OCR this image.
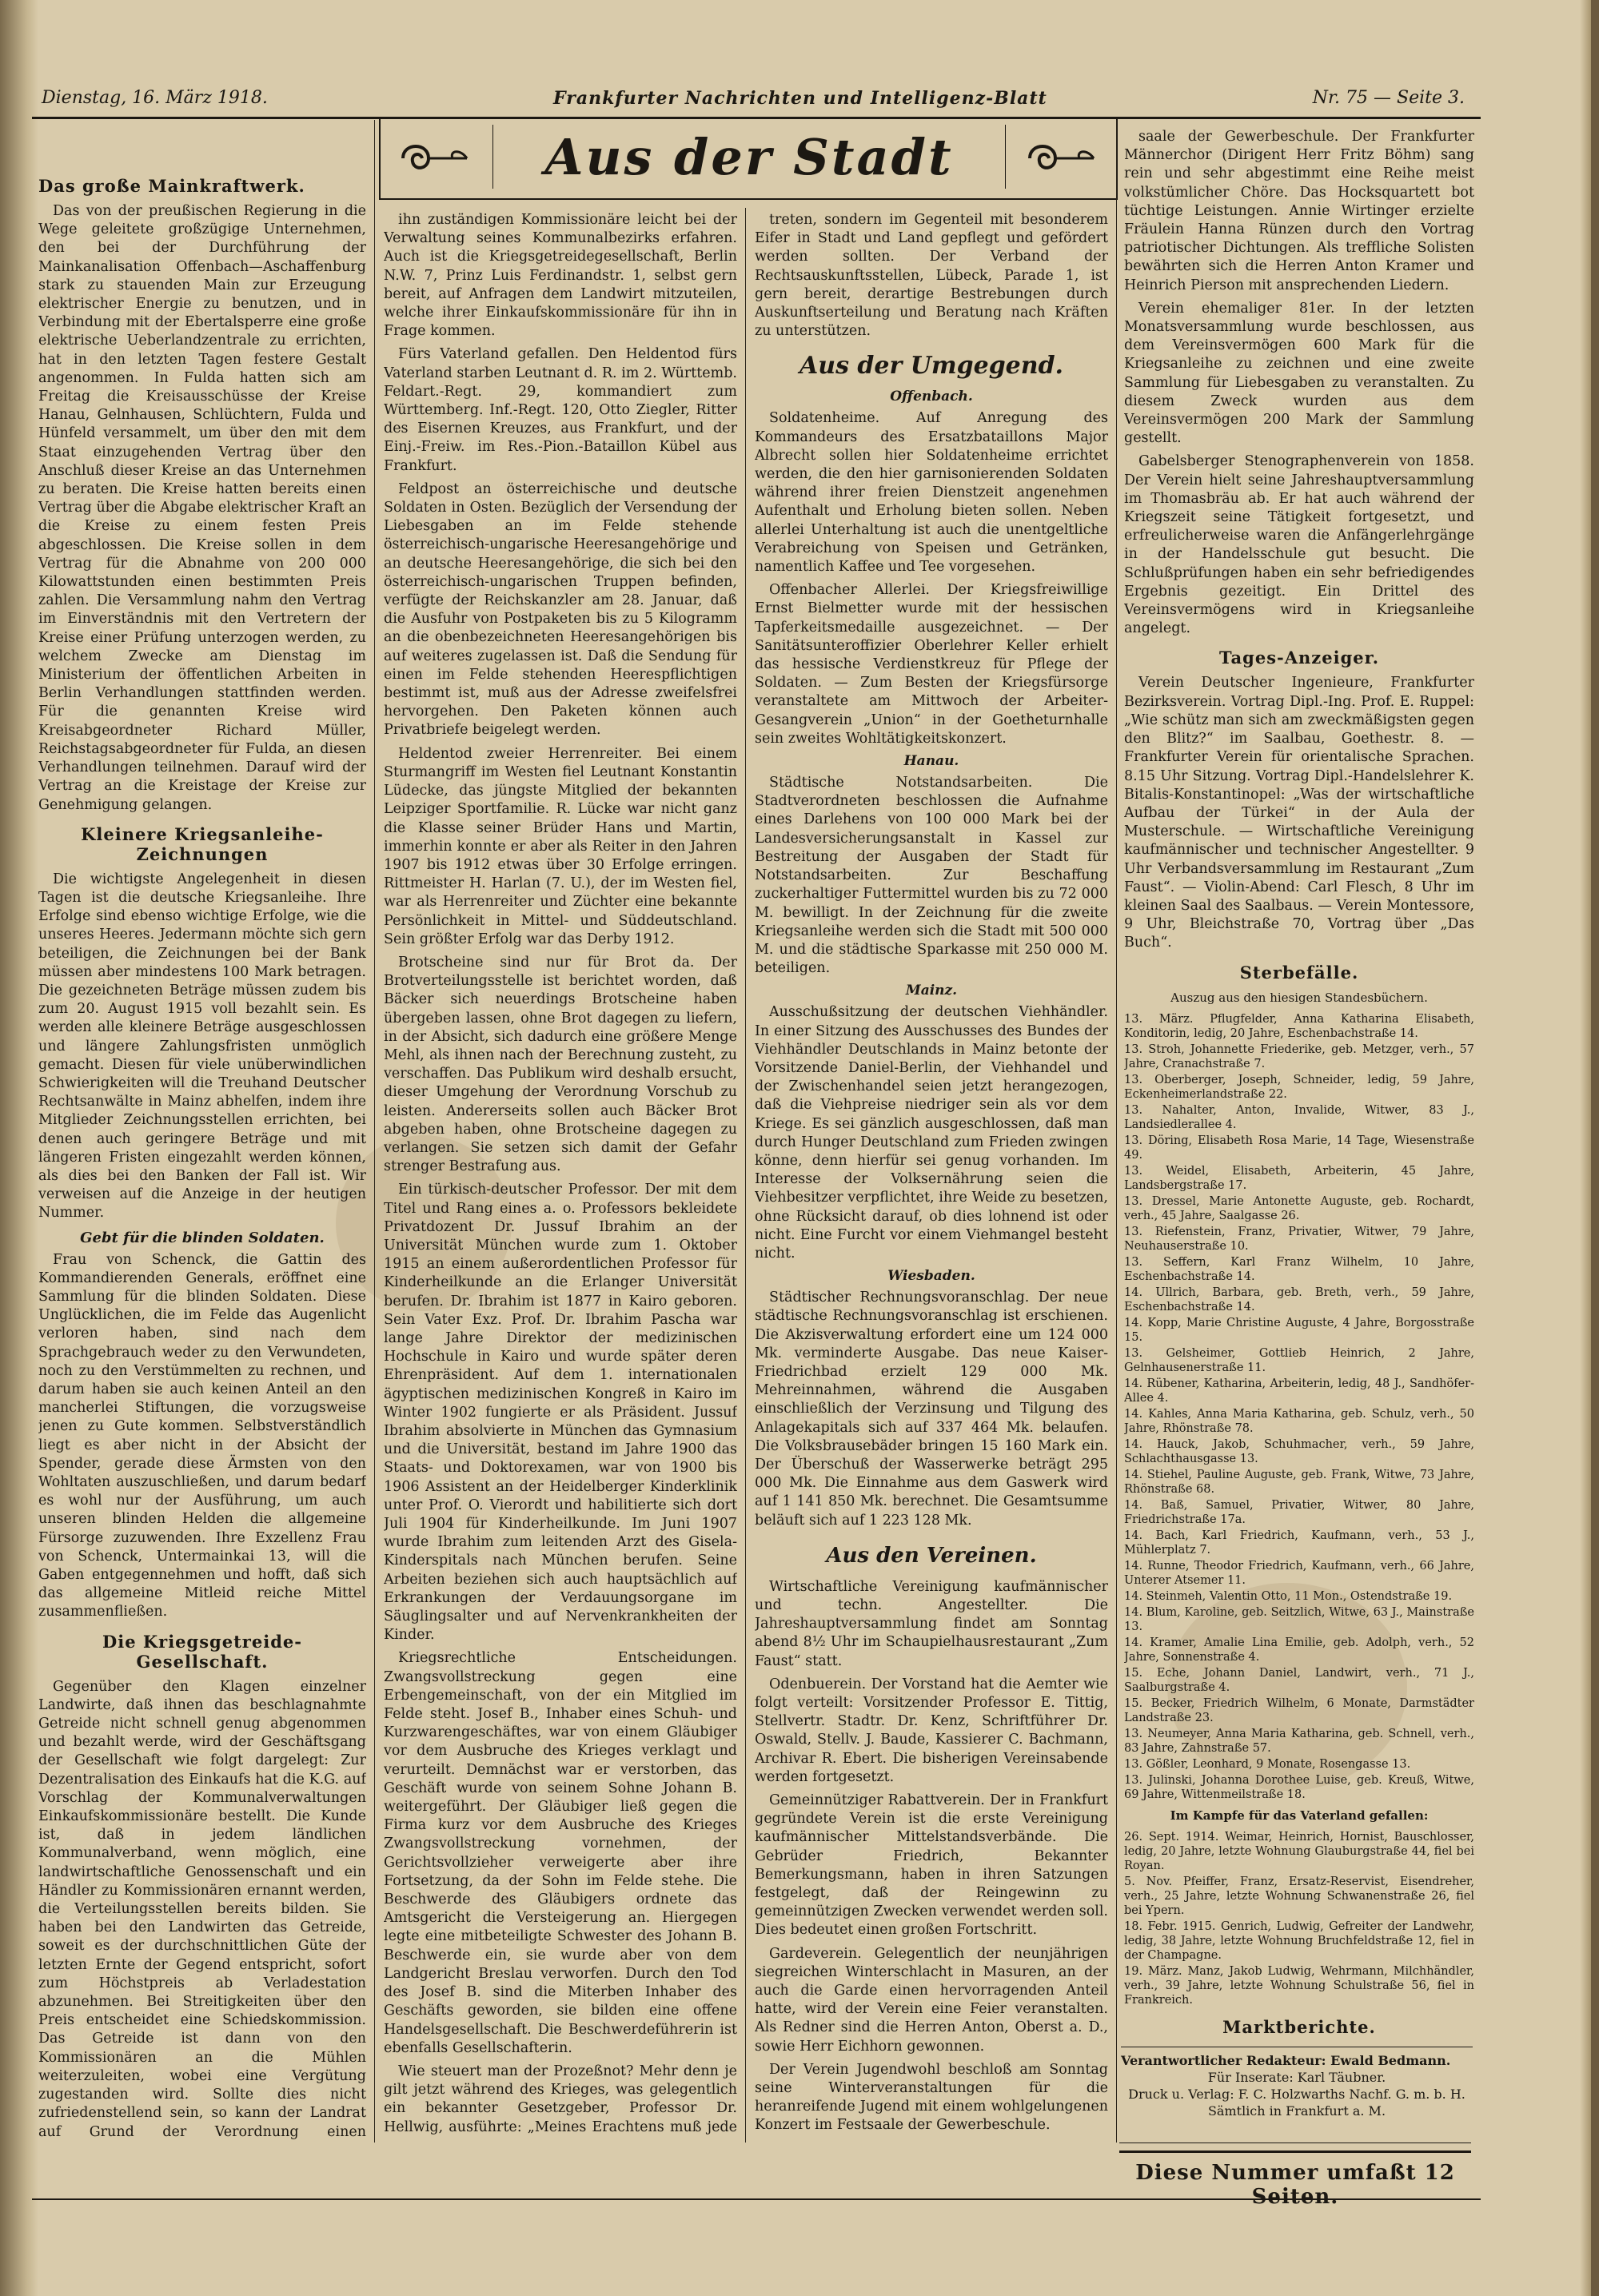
Dienstag, 16. März 1918.	Frankfurter Nachrichten und Intelligenz-Blatt	Nr. 75 — Seite 3.
Aus der Stadt
Das große Mainkraftwerk.

Das von der preußischen Regierung in die Wege geleitete großzügige Unternehmen, den bei der Durchführung der Mainkanalisation Offenbach—Aschaffenburg stark zu stauenden Main zur Erzeugung elektrischer Energie zu benutzen, und in Verbindung mit der Ebertalsperre eine große elektrische Ueberlandzentrale zu errichten, hat in den letzten Tagen festere Gestalt angenommen. In Fulda hatten sich am Freitag die Kreisausschüsse der Kreise Hanau, Gelnhausen, Schlüchtern, Fulda und Hünfeld versammelt, um über den mit dem Staat einzugehenden Vertrag über den Anschluß dieser Kreise an das Unternehmen zu beraten. Die Kreise hatten bereits einen Vertrag über die Abgabe elektrischer Kraft an die Kreise zu einem festen Preis abgeschlossen. Die Kreise sollen in dem Vertrag für die Abnahme von 200 000 Kilowattstunden einen bestimmten Preis zahlen. Die Versammlung nahm den Vertrag im Einverständnis mit den Vertretern der Kreise einer Prüfung unterzogen werden, zu welchem Zwecke am Dienstag im Ministerium der öffentlichen Arbeiten in Berlin Verhandlungen stattfinden werden. Für die genannten Kreise wird Kreisabgeordneter Richard Müller, Reichstagsabgeordneter für Fulda, an diesen Verhandlungen teilnehmen. Darauf wird der Vertrag an die Kreistage der Kreise zur Genehmigung gelangen.

Kleinere Kriegsanleihe-Zeichnungen

Die wichtigste Angelegenheit in diesen Tagen ist die deutsche Kriegsanleihe. Ihre Erfolge sind ebenso wichtige Erfolge, wie die unseres Heeres. Jedermann möchte sich gern beteiligen, die Zeichnungen bei der Bank müssen aber mindestens 100 Mark betragen. Die gezeichneten Beträge müssen zudem bis zum 20. August 1915 voll bezahlt sein. Es werden alle kleinere Beträge ausgeschlossen und längere Zahlungsfristen unmöglich gemacht. Diesen für viele unüberwindlichen Schwierigkeiten will die Treuhand Deutscher Rechtsanwälte in Mainz abhelfen, indem ihre Mitglieder Zeichnungsstellen errichten, bei denen auch geringere Beträge und mit längeren Fristen eingezahlt werden können, als dies bei den Banken der Fall ist. Wir verweisen auf die Anzeige in der heutigen Nummer.

Gebt für die blinden Soldaten.

Frau von Schenck, die Gattin des Kommandierenden Generals, eröffnet eine Sammlung für die blinden Soldaten. Diese Unglücklichen, die im Felde das Augenlicht verloren haben, sind nach dem Sprachgebrauch weder zu den Verwundeten, noch zu den Verstümmelten zu rechnen, und darum haben sie auch keinen Anteil an den mancherlei Stiftungen, die vorzugsweise jenen zu Gute kommen. Selbstverständlich liegt es aber nicht in der Absicht der Spender, gerade diese Ärmsten von den Wohltaten auszuschließen, und darum bedarf es wohl nur der Ausführung, um auch unseren blinden Helden die allgemeine Fürsorge zuzuwenden. Ihre Exzellenz Frau von Schenck, Untermainkai 13, will die Gaben entgegennehmen und hofft, daß sich das allgemeine Mitleid reiche Mittel zusammenfließen.

Die Kriegsgetreide-Gesellschaft.

Gegenüber den Klagen einzelner Landwirte, daß ihnen das beschlagnahmte Getreide nicht schnell genug abgenommen und bezahlt werde, wird der Geschäftsgang der Gesellschaft wie folgt dargelegt: Zur Dezentralisation des Einkaufs hat die K.G. auf Vorschlag der Kommunalverwaltungen Einkaufskommissionäre bestellt. Die Kunde ist, daß in jedem ländlichen Kommunalverband, wenn möglich, eine landwirtschaftliche Genossenschaft und ein Händler zu Kommissionären ernannt werden, die Verteilungsstellen bereits bilden. Sie haben bei den Landwirten das Getreide, soweit es der durchschnittlichen Güte der letzten Ernte der Gegend entspricht, sofort zum Höchstpreis ab Verladestation abzunehmen. Bei Streitigkeiten über den Preis entscheidet eine Schiedskommission. Das Getreide ist dann von den Kommissionären an die Mühlen weiterzuleiten, wobei eine Vergütung zugestanden wird. Sollte dies nicht zufriedenstellend sein, so kann der Landrat auf Grund der Verordnung einen

ihn zuständigen Kommissionäre leicht bei der Verwaltung seines Kommunalbezirks erfahren. Auch ist die Kriegsgetreidegesellschaft, Berlin N.W. 7, Prinz Luis Ferdinandstr. 1, selbst gern bereit, auf Anfragen dem Landwirt mitzuteilen, welche ihrer Einkaufskommissionäre für ihn in Frage kommen.

Fürs Vaterland gefallen. Den Heldentod fürs Vaterland starben Leutnant d. R. im 2. Württemb. Feldart.-Regt. 29, kommandiert zum Württemberg. Inf.-Regt. 120, Otto Ziegler, Ritter des Eisernen Kreuzes, aus Frankfurt, und der Einj.-Freiw. im Res.-Pion.-Bataillon Kübel aus Frankfurt.

Feldpost an österreichische und deutsche Soldaten in Osten. Bezüglich der Versendung der Liebesgaben an im Felde stehende österreichisch-ungarische Heeresangehörige und an deutsche Heeresangehörige, die sich bei den österreichisch-ungarischen Truppen befinden, verfügte der Reichskanzler am 28. Januar, daß die Ausfuhr von Postpaketen bis zu 5 Kilogramm an die obenbezeichneten Heeresangehörigen bis auf weiteres zugelassen ist. Daß die Sendung für einen im Felde stehenden Heerespflichtigen bestimmt ist, muß aus der Adresse zweifelsfrei hervorgehen. Den Paketen können auch Privatbriefe beigelegt werden.

Heldentod zweier Herrenreiter. Bei einem Sturmangriff im Westen fiel Leutnant Konstantin Lüdecke, das jüngste Mitglied der bekannten Leipziger Sportfamilie. R. Lücke war nicht ganz die Klasse seiner Brüder Hans und Martin, immerhin konnte er aber als Reiter in den Jahren 1907 bis 1912 etwas über 30 Erfolge erringen. Rittmeister H. Harlan (7. U.), der im Westen fiel, war als Herrenreiter und Züchter eine bekannte Persönlichkeit in Mittel- und Süddeutschland. Sein größter Erfolg war das Derby 1912.

Brotscheine sind nur für Brot da. Der Brotverteilungsstelle ist berichtet worden, daß Bäcker sich neuerdings Brotscheine haben übergeben lassen, ohne Brot dagegen zu liefern, in der Absicht, sich dadurch eine größere Menge Mehl, als ihnen nach der Berechnung zusteht, zu verschaffen. Das Publikum wird deshalb ersucht, dieser Umgehung der Verordnung Vorschub zu leisten. Andererseits sollen auch Bäcker Brot abgeben haben, ohne Brotscheine dagegen zu verlangen. Sie setzen sich damit der Gefahr strenger Bestrafung aus.

Ein türkisch-deutscher Professor. Der mit dem Titel und Rang eines a. o. Professors bekleidete Privatdozent Dr. Jussuf Ibrahim an der Universität München wurde zum 1. Oktober 1915 an einem außerordentlichen Professor für Kinderheilkunde an die Erlanger Universität berufen. Dr. Ibrahim ist 1877 in Kairo geboren. Sein Vater Exz. Prof. Dr. Ibrahim Pascha war lange Jahre Direktor der medizinischen Hochschule in Kairo und wurde später deren Ehrenpräsident. Auf dem 1. internationalen ägyptischen medizinischen Kongreß in Kairo im Winter 1902 fungierte er als Präsident. Jussuf Ibrahim absolvierte in München das Gymnasium und die Universität, bestand im Jahre 1900 das Staats- und Doktorexamen, war von 1900 bis 1906 Assistent an der Heidelberger Kinderklinik unter Prof. O. Vierordt und habilitierte sich dort Juli 1904 für Kinderheilkunde. Im Juni 1907 wurde Ibrahim zum leitenden Arzt des Gisela-Kinderspitals nach München berufen. Seine Arbeiten beziehen sich auch hauptsächlich auf Erkrankungen der Verdauungsorgane im Säuglingsalter und auf Nervenkrankheiten der Kinder.

Kriegsrechtliche Entscheidungen. Zwangsvollstreckung gegen eine Erbengemeinschaft, von der ein Mitglied im Felde steht. Josef B., Inhaber eines Schuh- und Kurzwarengeschäftes, war von einem Gläubiger vor dem Ausbruche des Krieges verklagt und verurteilt. Demnächst war er verstorben, das Geschäft wurde von seinem Sohne Johann B. weitergeführt. Der Gläubiger ließ gegen die Firma kurz vor dem Ausbruche des Krieges Zwangsvollstreckung vornehmen, der Gerichtsvollzieher verweigerte aber ihre Fortsetzung, da der Sohn im Felde stehe. Die Beschwerde des Gläubigers ordnete das Amtsgericht die Versteigerung an. Hiergegen legte eine mitbeteiligte Schwester des Johann B. Beschwerde ein, sie wurde aber von dem Landgericht Breslau verworfen. Durch den Tod des Josef B. sind die Miterben Inhaber des Geschäfts geworden, sie bilden eine offene Handelsgesellschaft. Die Beschwerdeführerin ist ebenfalls Gesellschafterin.

Wie steuert man der Prozeßnot? Mehr denn je gilt jetzt während des Krieges, was gelegentlich ein bekannter Gesetzgeber, Professor Dr. Hellwig, ausführte: „Meines Erachtens muß jede

treten, sondern im Gegenteil mit besonderem Eifer in Stadt und Land gepflegt und gefördert werden sollten. Der Verband der Rechtsauskunftsstellen, Lübeck, Parade 1, ist gern bereit, derartige Bestrebungen durch Auskunftserteilung und Beratung nach Kräften zu unterstützen.

Aus der Umgegend.
Offenbach.

Soldatenheime. Auf Anregung des Kommandeurs des Ersatzbataillons Major Albrecht sollen hier Soldatenheime errichtet werden, die den hier garnisonierenden Soldaten während ihrer freien Dienstzeit angenehmen Aufenthalt und Erholung bieten sollen. Neben allerlei Unterhaltung ist auch die unentgeltliche Verabreichung von Speisen und Getränken, namentlich Kaffee und Tee vorgesehen.

Offenbacher Allerlei. Der Kriegsfreiwillige Ernst Bielmetter wurde mit der hessischen Tapferkeitsmedaille ausgezeichnet. — Der Sanitätsunteroffizier Oberlehrer Keller erhielt das hessische Verdienstkreuz für Pflege der Soldaten. — Zum Besten der Kriegsfürsorge veranstaltete am Mittwoch der Arbeiter-Gesangverein „Union“ in der Goetheturnhalle sein zweites Wohltätigkeitskonzert.

Hanau.

Städtische Notstandsarbeiten. Die Stadtverordneten beschlossen die Aufnahme eines Darlehens von 100 000 Mark bei der Landesversicherungsanstalt in Kassel zur Bestreitung der Ausgaben der Stadt für Notstandsarbeiten. Zur Beschaffung zuckerhaltiger Futtermittel wurden bis zu 72 000 M. bewilligt. In der Zeichnung für die zweite Kriegsanleihe werden sich die Stadt mit 500 000 M. und die städtische Sparkasse mit 250 000 M. beteiligen.

Mainz.

Ausschußsitzung der deutschen Viehhändler. In einer Sitzung des Ausschusses des Bundes der Viehhändler Deutschlands in Mainz betonte der Vorsitzende Daniel-Berlin, der Viehhandel und der Zwischenhandel seien jetzt herangezogen, daß die Viehpreise niedriger sein als vor dem Kriege. Es sei gänzlich ausgeschlossen, daß man durch Hunger Deutschland zum Frieden zwingen könne, denn hierfür sei genug vorhanden. Im Interesse der Volksernährung seien die Viehbesitzer verpflichtet, ihre Weide zu besetzen, ohne Rücksicht darauf, ob dies lohnend ist oder nicht. Eine Furcht vor einem Viehmangel besteht nicht.

Wiesbaden.

Städtischer Rechnungsvoranschlag. Der neue städtische Rechnungsvoranschlag ist erschienen. Die Akzisverwaltung erfordert eine um 124 000 Mk. verminderte Ausgabe. Das neue Kaiser-Friedrichbad erzielt 129 000 Mk. Mehreinnahmen, während die Ausgaben einschließlich der Verzinsung und Tilgung des Anlagekapitals sich auf 337 464 Mk. belaufen. Die Volksbrausebäder bringen 15 160 Mark ein. Der Überschuß der Wasserwerke beträgt 295 000 Mk. Die Einnahme aus dem Gaswerk wird auf 1 141 850 Mk. berechnet. Die Gesamtsumme beläuft sich auf 1 223 128 Mk.

Aus den Vereinen.

Wirtschaftliche Vereinigung kaufmännischer und techn. Angestellter. Die Jahreshauptversammlung findet am Sonntag abend 8½ Uhr im Schaupielhausrestaurant „Zum Faust“ statt.

Odenbuerein. Der Vorstand hat die Aemter wie folgt verteilt: Vorsitzender Professor E. Tittig, Stellvertr. Stadtr. Dr. Kenz, Schriftführer Dr. Oswald, Stellv. J. Baude, Kassierer C. Bachmann, Archivar R. Ebert. Die bisherigen Vereinsabende werden fortgesetzt.

Gemeinnütziger Rabattverein. Der in Frankfurt gegründete Verein ist die erste Vereinigung kaufmännischer Mittelstandsverbände. Die Gebrüder Friedrich, Bekannter Bemerkungsmann, haben in ihren Satzungen festgelegt, daß der Reingewinn zu gemeinnützigen Zwecken verwendet werden soll. Dies bedeutet einen großen Fortschritt.

Gardeverein. Gelegentlich der neunjährigen siegreichen Winterschlacht in Masuren, an der auch die Garde einen hervorragenden Anteil hatte, wird der Verein eine Feier veranstalten. Als Redner sind die Herren Anton, Oberst a. D., sowie Herr Eichhorn gewonnen.

Der Verein Jugendwohl beschloß am Sonntag seine Winterveranstaltungen für die heranreifende Jugend mit einem wohlgelungenen Konzert im Festsaale der Gewerbeschule.

saale der Gewerbeschule. Der Frankfurter Männerchor (Dirigent Herr Fritz Böhm) sang rein und sehr abgestimmt eine Reihe meist volkstümlicher Chöre. Das Hocksquartett bot tüchtige Leistungen. Annie Wirtinger erzielte Fräulein Hanna Rünzen durch den Vortrag patriotischer Dichtungen. Als treffliche Solisten bewährten sich die Herren Anton Kramer und Heinrich Pierson mit ansprechenden Liedern.

Verein ehemaliger 81er. In der letzten Monatsversammlung wurde beschlossen, aus dem Vereinsvermögen 600 Mark für die Kriegsanleihe zu zeichnen und eine zweite Sammlung für Liebesgaben zu veranstalten. Zu diesem Zweck wurden aus dem Vereinsvermögen 200 Mark der Sammlung gestellt.

Gabelsberger Stenographenverein von 1858. Der Verein hielt seine Jahreshauptversammlung im Thomasbräu ab. Er hat auch während der Kriegszeit seine Tätigkeit fortgesetzt, und erfreulicherweise waren die Anfängerlehrgänge in der Handelsschule gut besucht. Die Schlußprüfungen haben ein sehr befriedigendes Ergebnis gezeitigt. Ein Drittel des Vereinsvermögens wird in Kriegsanleihe angelegt.

Tages-Anzeiger.

Verein Deutscher Ingenieure, Frankfurter Bezirksverein. Vortrag Dipl.-Ing. Prof. E. Ruppel: „Wie schütz man sich am zweckmäßigsten gegen den Blitz?“ im Saalbau, Goethestr. 8. — Frankfurter Verein für orientalische Sprachen. 8.15 Uhr Sitzung. Vortrag Dipl.-Handelslehrer K. Bitalis-Konstantinopel: „Was der wirtschaftliche Aufbau der Türkei“ in der Aula der Musterschule. — Wirtschaftliche Vereinigung kaufmännischer und technischer Angestellter. 9 Uhr Verbandsversammlung im Restaurant „Zum Faust“. — Violin-Abend: Carl Flesch, 8 Uhr im kleinen Saal des Saalbaus. — Verein Montessore, 9 Uhr, Bleichstraße 70, Vortrag über „Das Buch“.

Sterbefälle.

Auszug aus den hiesigen Standesbüchern.

13. März. Pflugfelder, Anna Katharina Elisabeth, Konditorin, ledig, 20 Jahre, Eschenbachstraße 14.

13. Stroh, Johannette Friederike, geb. Metzger, verh., 57 Jahre, Cranachstraße 7.

13. Oberberger, Joseph, Schneider, ledig, 59 Jahre, Eckenheimerlandstraße 22.

13. Nahalter, Anton, Invalide, Witwer, 83 J., Landsiedlerallee 4.

13. Döring, Elisabeth Rosa Marie, 14 Tage, Wiesenstraße 49.

13. Weidel, Elisabeth, Arbeiterin, 45 Jahre, Landsbergstraße 17.

13. Dressel, Marie Antonette Auguste, geb. Rochardt, verh., 45 Jahre, Saalgasse 26.

13. Riefenstein, Franz, Privatier, Witwer, 79 Jahre, Neuhauserstraße 10.

13. Seffern, Karl Franz Wilhelm, 10 Jahre, Eschenbachstraße 14.

14. Ullrich, Barbara, geb. Breth, verh., 59 Jahre, Eschenbachstraße 14.

14. Kopp, Marie Christine Auguste, 4 Jahre, Borgosstraße 15.

13. Gelsheimer, Gottlieb Heinrich, 2 Jahre, Gelnhausenerstraße 11.

14. Rübener, Katharina, Arbeiterin, ledig, 48 J., Sandhöfer-Allee 4.

14. Kahles, Anna Maria Katharina, geb. Schulz, verh., 50 Jahre, Rhönstraße 78.

14. Hauck, Jakob, Schuhmacher, verh., 59 Jahre, Schlachthausgasse 13.

14. Stiehel, Pauline Auguste, geb. Frank, Witwe, 73 Jahre, Rhönstraße 68.

14. Baß, Samuel, Privatier, Witwer, 80 Jahre, Friedrichstraße 17a.

14. Bach, Karl Friedrich, Kaufmann, verh., 53 J., Mühlerplatz 7.

14. Runne, Theodor Friedrich, Kaufmann, verh., 66 Jahre, Unterer Atsemer 11.

14. Steinmeh, Valentin Otto, 11 Mon., Ostendstraße 19.

14. Blum, Karoline, geb. Seitzlich, Witwe, 63 J., Mainstraße 13.

14. Kramer, Amalie Lina Emilie, geb. Adolph, verh., 52 Jahre, Sonnenstraße 4.

15. Eche, Johann Daniel, Landwirt, verh., 71 J., Saalburgstraße 4.

15. Becker, Friedrich Wilhelm, 6 Monate, Darmstädter Landstraße 23.

13. Neumeyer, Anna Maria Katharina, geb. Schnell, verh., 83 Jahre, Zahnstraße 57.

13. Gößler, Leonhard, 9 Monate, Rosengasse 13.

13. Julinski, Johanna Dorothee Luise, geb. Kreuß, Witwe, 69 Jahre, Wittenmeilstraße 18.

Im Kampfe für das Vaterland gefallen:

26. Sept. 1914. Weimar, Heinrich, Hornist, Bauschlosser, ledig, 20 Jahre, letzte Wohnung Glauburgstraße 44, fiel bei Royan.

5. Nov. Pfeiffer, Franz, Ersatz-Reservist, Eisendreher, verh., 25 Jahre, letzte Wohnung Schwanenstraße 26, fiel bei Ypern.

18. Febr. 1915. Genrich, Ludwig, Gefreiter der Landwehr, ledig, 38 Jahre, letzte Wohnung Bruchfeldstraße 12, fiel in der Champagne.

19. März. Manz, Jakob Ludwig, Wehrmann, Milchhändler, verh., 39 Jahre, letzte Wohnung Schulstraße 56, fiel in Frankreich.

Marktberichte.

Verantwortlicher Redakteur: Ewald Bedmann.
Für Inserate: Karl Täubner.
Druck u. Verlag: F. C. Holzwarths Nachf. G. m. b. H.
Sämtlich in Frankfurt a. M.
Diese Nummer umfaßt 12 Seiten.
